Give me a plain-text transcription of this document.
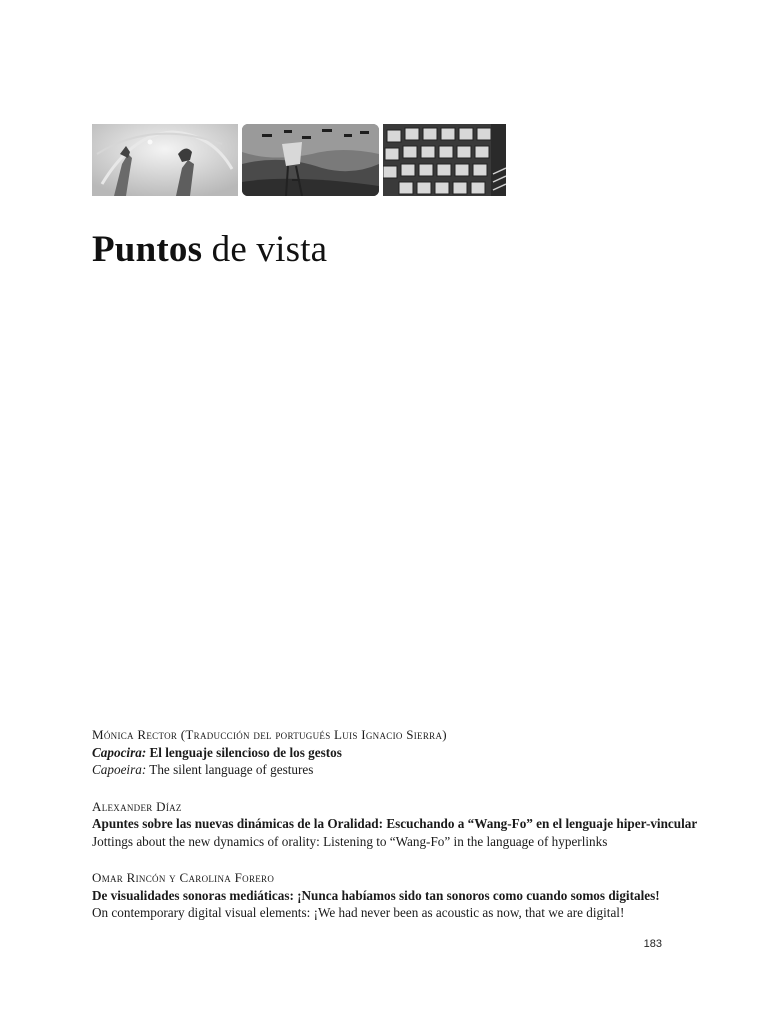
Puntos de vista
Mónica Rector (Traducción del portugués Luis Ignacio Sierra)
Capocira: El lenguaje silencioso de los gestos
Capoeira: The silent language of gestures
Alexander Díaz
Apuntes sobre las nuevas dinámicas de la Oralidad: Escuchando a “Wang-Fo” en el lenguaje hiper-vincular
Jottings about the new dynamics of orality: Listening to “Wang-Fo” in the language of hyperlinks
Omar Rincón y Carolina Forero
De visualidades sonoras mediáticas: ¡Nunca habíamos sido tan sonoros como cuando somos digitales!
On contemporary digital visual elements: ¡We had never been as acoustic as now, that we are digital!
183
